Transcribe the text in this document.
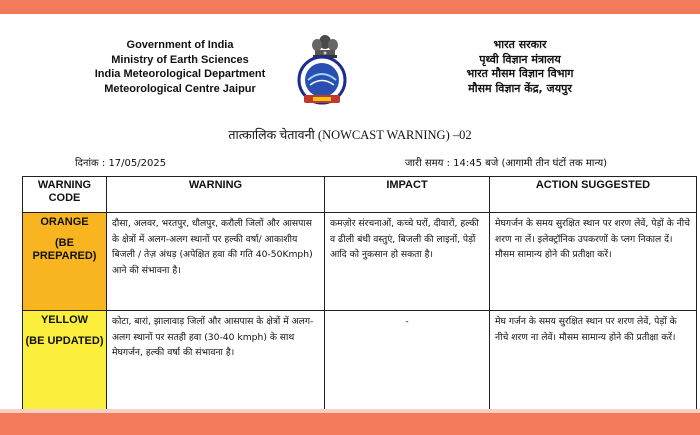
Government of India
Ministry of Earth Sciences
India Meteorological Department
Meteorological Centre Jaipur
भारत सरकार
पृथ्वी विज्ञान मंत्रालय
भारत मौसम विज्ञान विभाग
मौसम विज्ञान केंद्र, जयपुर
तात्कालिक चेतावनी (NOWCAST WARNING) –02
दिनांक : 17/05/2025	जारी समय : 14:45 बजे (आगामी तीन घंटों तक मान्य)
WARNING CODE	WARNING	IMPACT	ACTION SUGGESTED

ORANGE
(BE PREPARED)	दौसा, अलवर, भरतपुर, धौलपुर, करौली जिलों और आसपास के क्षेत्रों में अलग-अलग स्थानों पर हल्की वर्षा/ आकाशीय बिजली / तेज़ अंधड़ (अपेक्षित हवा की गति 40-50Kmph) आने की संभावना है।	कमज़ोर संरचनाओं, कच्चे घरों, दीवारों, हल्की व ढीली बंधी वस्तुएं, बिजली की लाइनों, पेड़ों आदि को नुकसान हो सकता है।	मेघगर्जन के समय सुरक्षित स्थान पर शरण लेवें, पेड़ों के नीचे शरण ना लें। इलेक्ट्रॉनिक उपकरणों के प्लग निकाल दें। मौसम सामान्य होने की प्रतीक्षा करें।

YELLOW
(BE UPDATED)	कोटा, बारां, झालावाड़ जिलों और आसपास के क्षेत्रों में अलग-अलग स्थानों पर सतही हवा (30-40 kmph) के साथ मेघगर्जन, हल्की वर्षा की संभावना है।	-	मेघ गर्जन के समय सुरक्षित स्थान पर शरण लेवें, पेड़ों के नीचे शरण ना लेवें। मौसम सामान्य होने की प्रतीक्षा करें।
